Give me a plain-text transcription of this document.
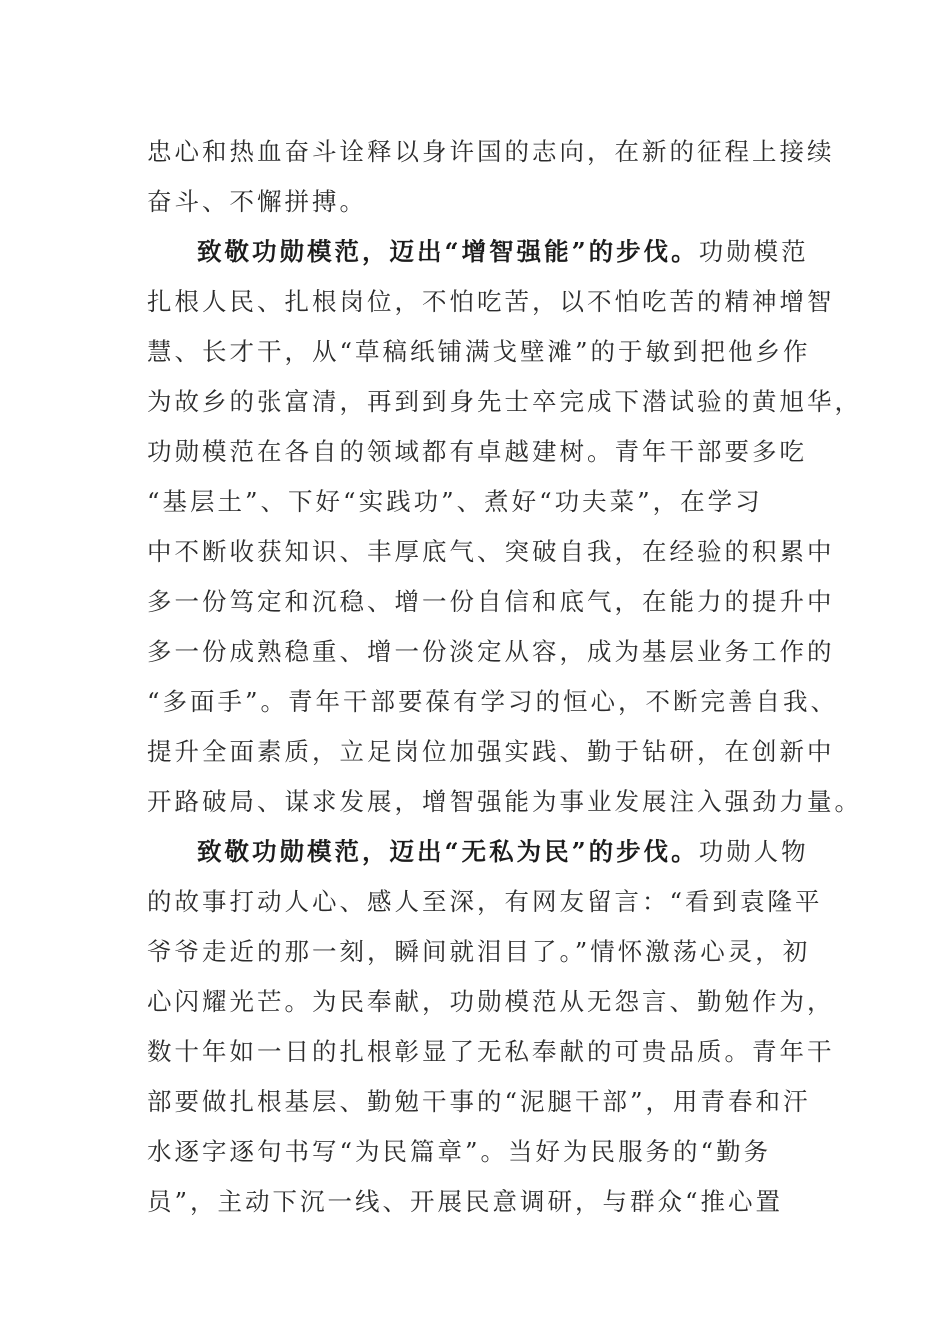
忠心和热血奋斗诠释以身许国的志向，在新的征程上接续
奋斗、不懈拼搏。
致敬功勋模范，迈出“增智强能”的步伐。功勋模范
扎根人民、扎根岗位，不怕吃苦，以不怕吃苦的精神增智
慧、长才干，从“草稿纸铺满戈壁滩”的于敏到把他乡作
为故乡的张富清，再到到身先士卒完成下潜试验的黄旭华，
功勋模范在各自的领域都有卓越建树。青年干部要多吃
“基层土”、下好“实践功”、煮好“功夫菜”，在学习
中不断收获知识、丰厚底气、突破自我，在经验的积累中
多一份笃定和沉稳、增一份自信和底气，在能力的提升中
多一份成熟稳重、增一份淡定从容，成为基层业务工作的
“多面手”。青年干部要葆有学习的恒心，不断完善自我、
提升全面素质，立足岗位加强实践、勤于钻研，在创新中
开路破局、谋求发展，增智强能为事业发展注入强劲力量。
致敬功勋模范，迈出“无私为民”的步伐。功勋人物
的故事打动人心、感人至深，有网友留言：“看到袁隆平
爷爷走近的那一刻，瞬间就泪目了。”情怀激荡心灵，初
心闪耀光芒。为民奉献，功勋模范从无怨言、勤勉作为，
数十年如一日的扎根彰显了无私奉献的可贵品质。青年干
部要做扎根基层、勤勉干事的“泥腿干部”，用青春和汗
水逐字逐句书写“为民篇章”。当好为民服务的“勤务
员”，主动下沉一线、开展民意调研，与群众“推心置
